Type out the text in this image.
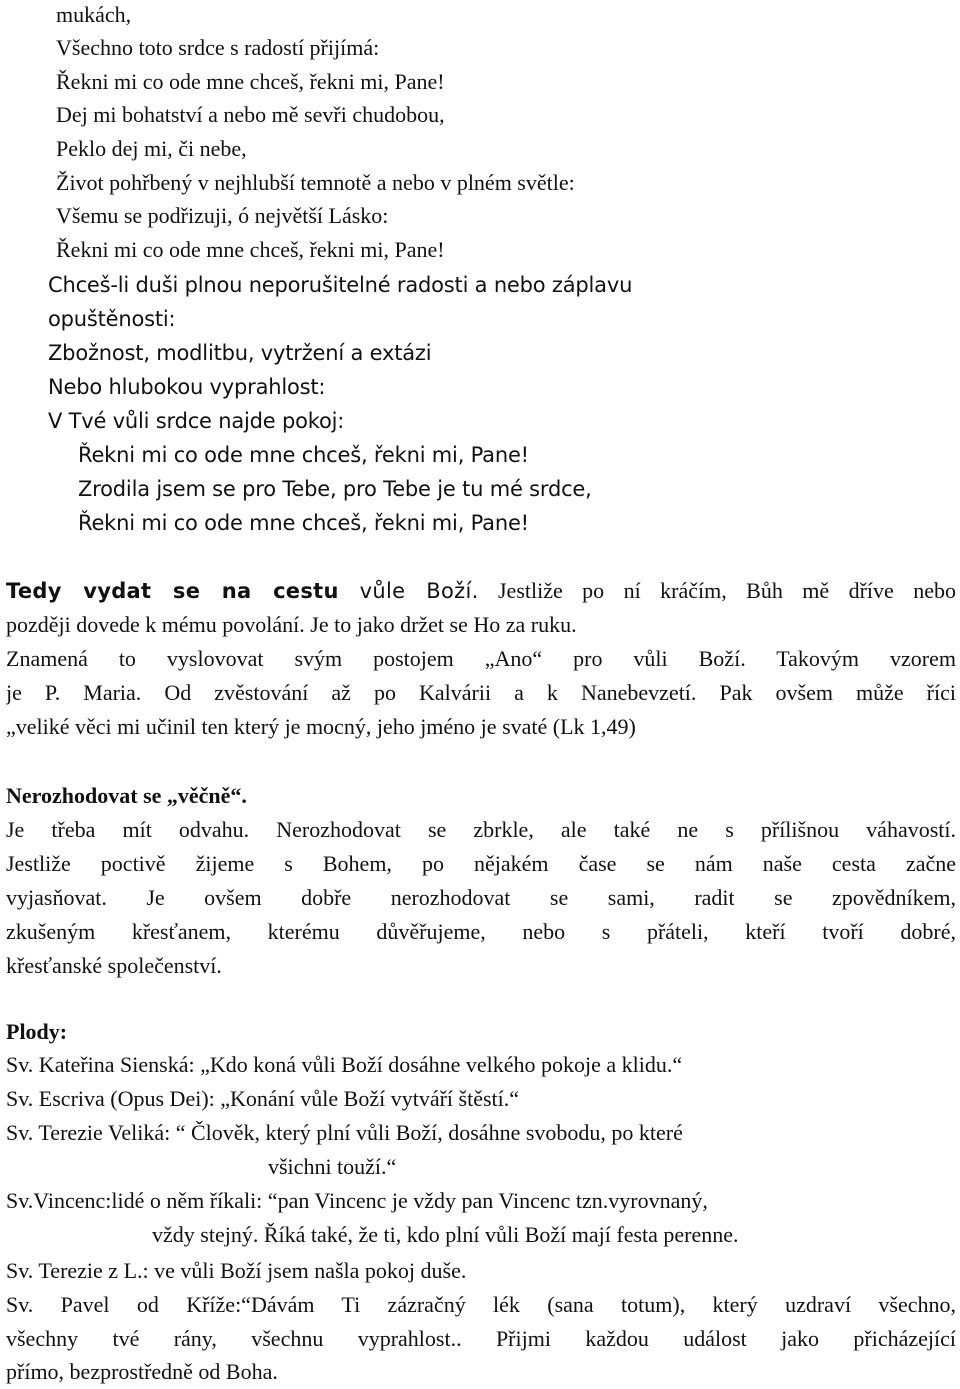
mukách,
Všechno toto srdce s radostí přijímá:
Řekni mi co ode mne chceš, řekni mi, Pane!
Dej mi bohatství a nebo mě sevři chudobou,
Peklo dej mi, či nebe,
Život pohřbený v nejhlubší temnotě a nebo v plném světle:
Všemu se podřizuji, ó největší Lásko:
Řekni mi co ode mne chceš, řekni mi, Pane!
Chceš-li duši plnou neporušitelné radosti a nebo záplavu
opuštěnosti:
Zbožnost, modlitbu, vytržení a extázi
Nebo hlubokou vyprahlost:
V Tvé vůli srdce najde pokoj:
Řekni mi co ode mne chceš, řekni mi, Pane!
Zrodila jsem se pro Tebe, pro Tebe je tu mé srdce,
Řekni mi co ode mne chceš, řekni mi, Pane!
Tedy vydat se na cestu vůle Boží. Jestliže po ní kráčím, Bůh mě dříve nebo
později dovede k mému povolání. Je to jako držet se Ho za ruku.
Znamená to vyslovovat svým postojem „Ano“ pro vůli Boží. Takovým vzorem
je P. Maria. Od zvěstování až po Kalvárii a k Nanebevzetí. Pak ovšem může říci
„veliké věci mi učinil ten který je mocný, jeho jméno je svaté (Lk 1,49)
Nerozhodovat se „věčně“.
Je třeba mít odvahu. Nerozhodovat se zbrkle, ale také ne s přílišnou váhavostí.
Jestliže poctivě žijeme s Bohem, po nějakém čase se nám naše cesta začne
vyjasňovat. Je ovšem dobře nerozhodovat se sami, radit se zpovědníkem,
zkušeným křesťanem, kterému důvěřujeme, nebo s přáteli, kteří tvoří dobré,
křesťanské společenství.
Plody:
Sv. Kateřina Sienská: „Kdo koná vůli Boží dosáhne velkého pokoje a klidu.“
Sv. Escriva (Opus Dei): „Konání vůle Boží vytváří štěstí.“
Sv. Terezie Veliká: “ Člověk, který plní vůli Boží, dosáhne svobodu, po které
všichni touží.“
Sv.Vincenc:lidé o něm říkali: “pan Vincenc je vždy pan Vincenc tzn.vyrovnaný,
vždy stejný. Říká také, že ti, kdo plní vůli Boží mají festa perenne.
Sv. Terezie z L.: ve vůli Boží jsem našla pokoj duše.
Sv. Pavel od Kříže:“Dávám Ti zázračný lék (sana totum), který uzdraví všechno,
všechny tvé rány, všechnu vyprahlost.. Přijmi každou událost jako přicházející
přímo, bezprostředně od Boha.
